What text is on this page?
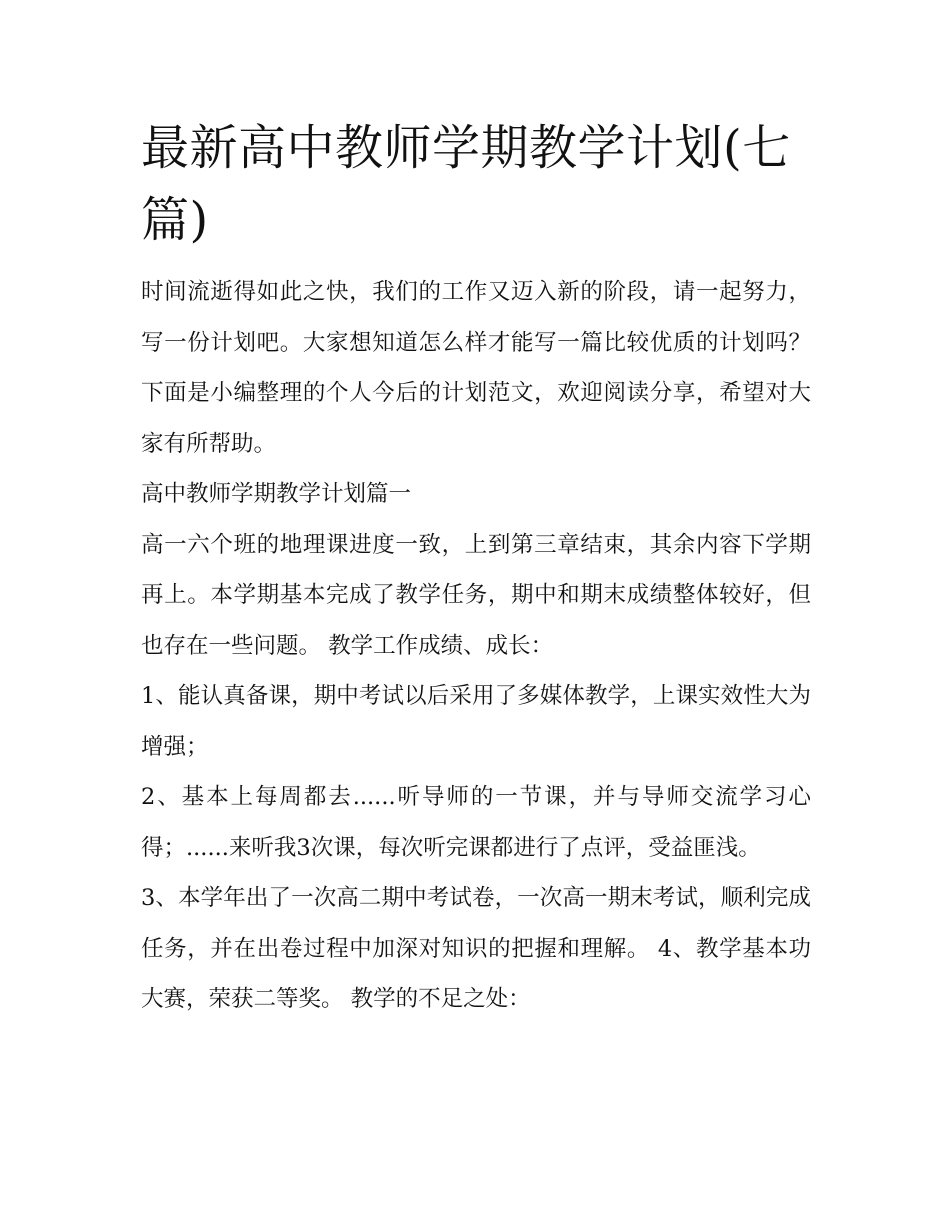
最新高中教师学期教学计划(七篇)

时间流逝得如此之快，我们的工作又迈入新的阶段，请一起努力，写一份计划吧。大家想知道怎么样才能写一篇比较优质的计划吗？下面是小编整理的个人今后的计划范文，欢迎阅读分享，希望对大家有所帮助。

高中教师学期教学计划篇一

高一六个班的地理课进度一致，上到第三章结束，其余内容下学期再上。本学期基本完成了教学任务，期中和期末成绩整体较好，但也存在一些问题。 教学工作成绩、成长：

1、能认真备课，期中考试以后采用了多媒体教学，上课实效性大为增强；

2、基本上每周都去......听导师的一节课，并与导师交流学习心得；......来听我3次课，每次听完课都进行了点评，受益匪浅。

3、本学年出了一次高二期中考试卷，一次高一期末考试，顺利完成任务，并在出卷过程中加深对知识的把握和理解。 4、教学基本功大赛，荣获二等奖。 教学的不足之处：
